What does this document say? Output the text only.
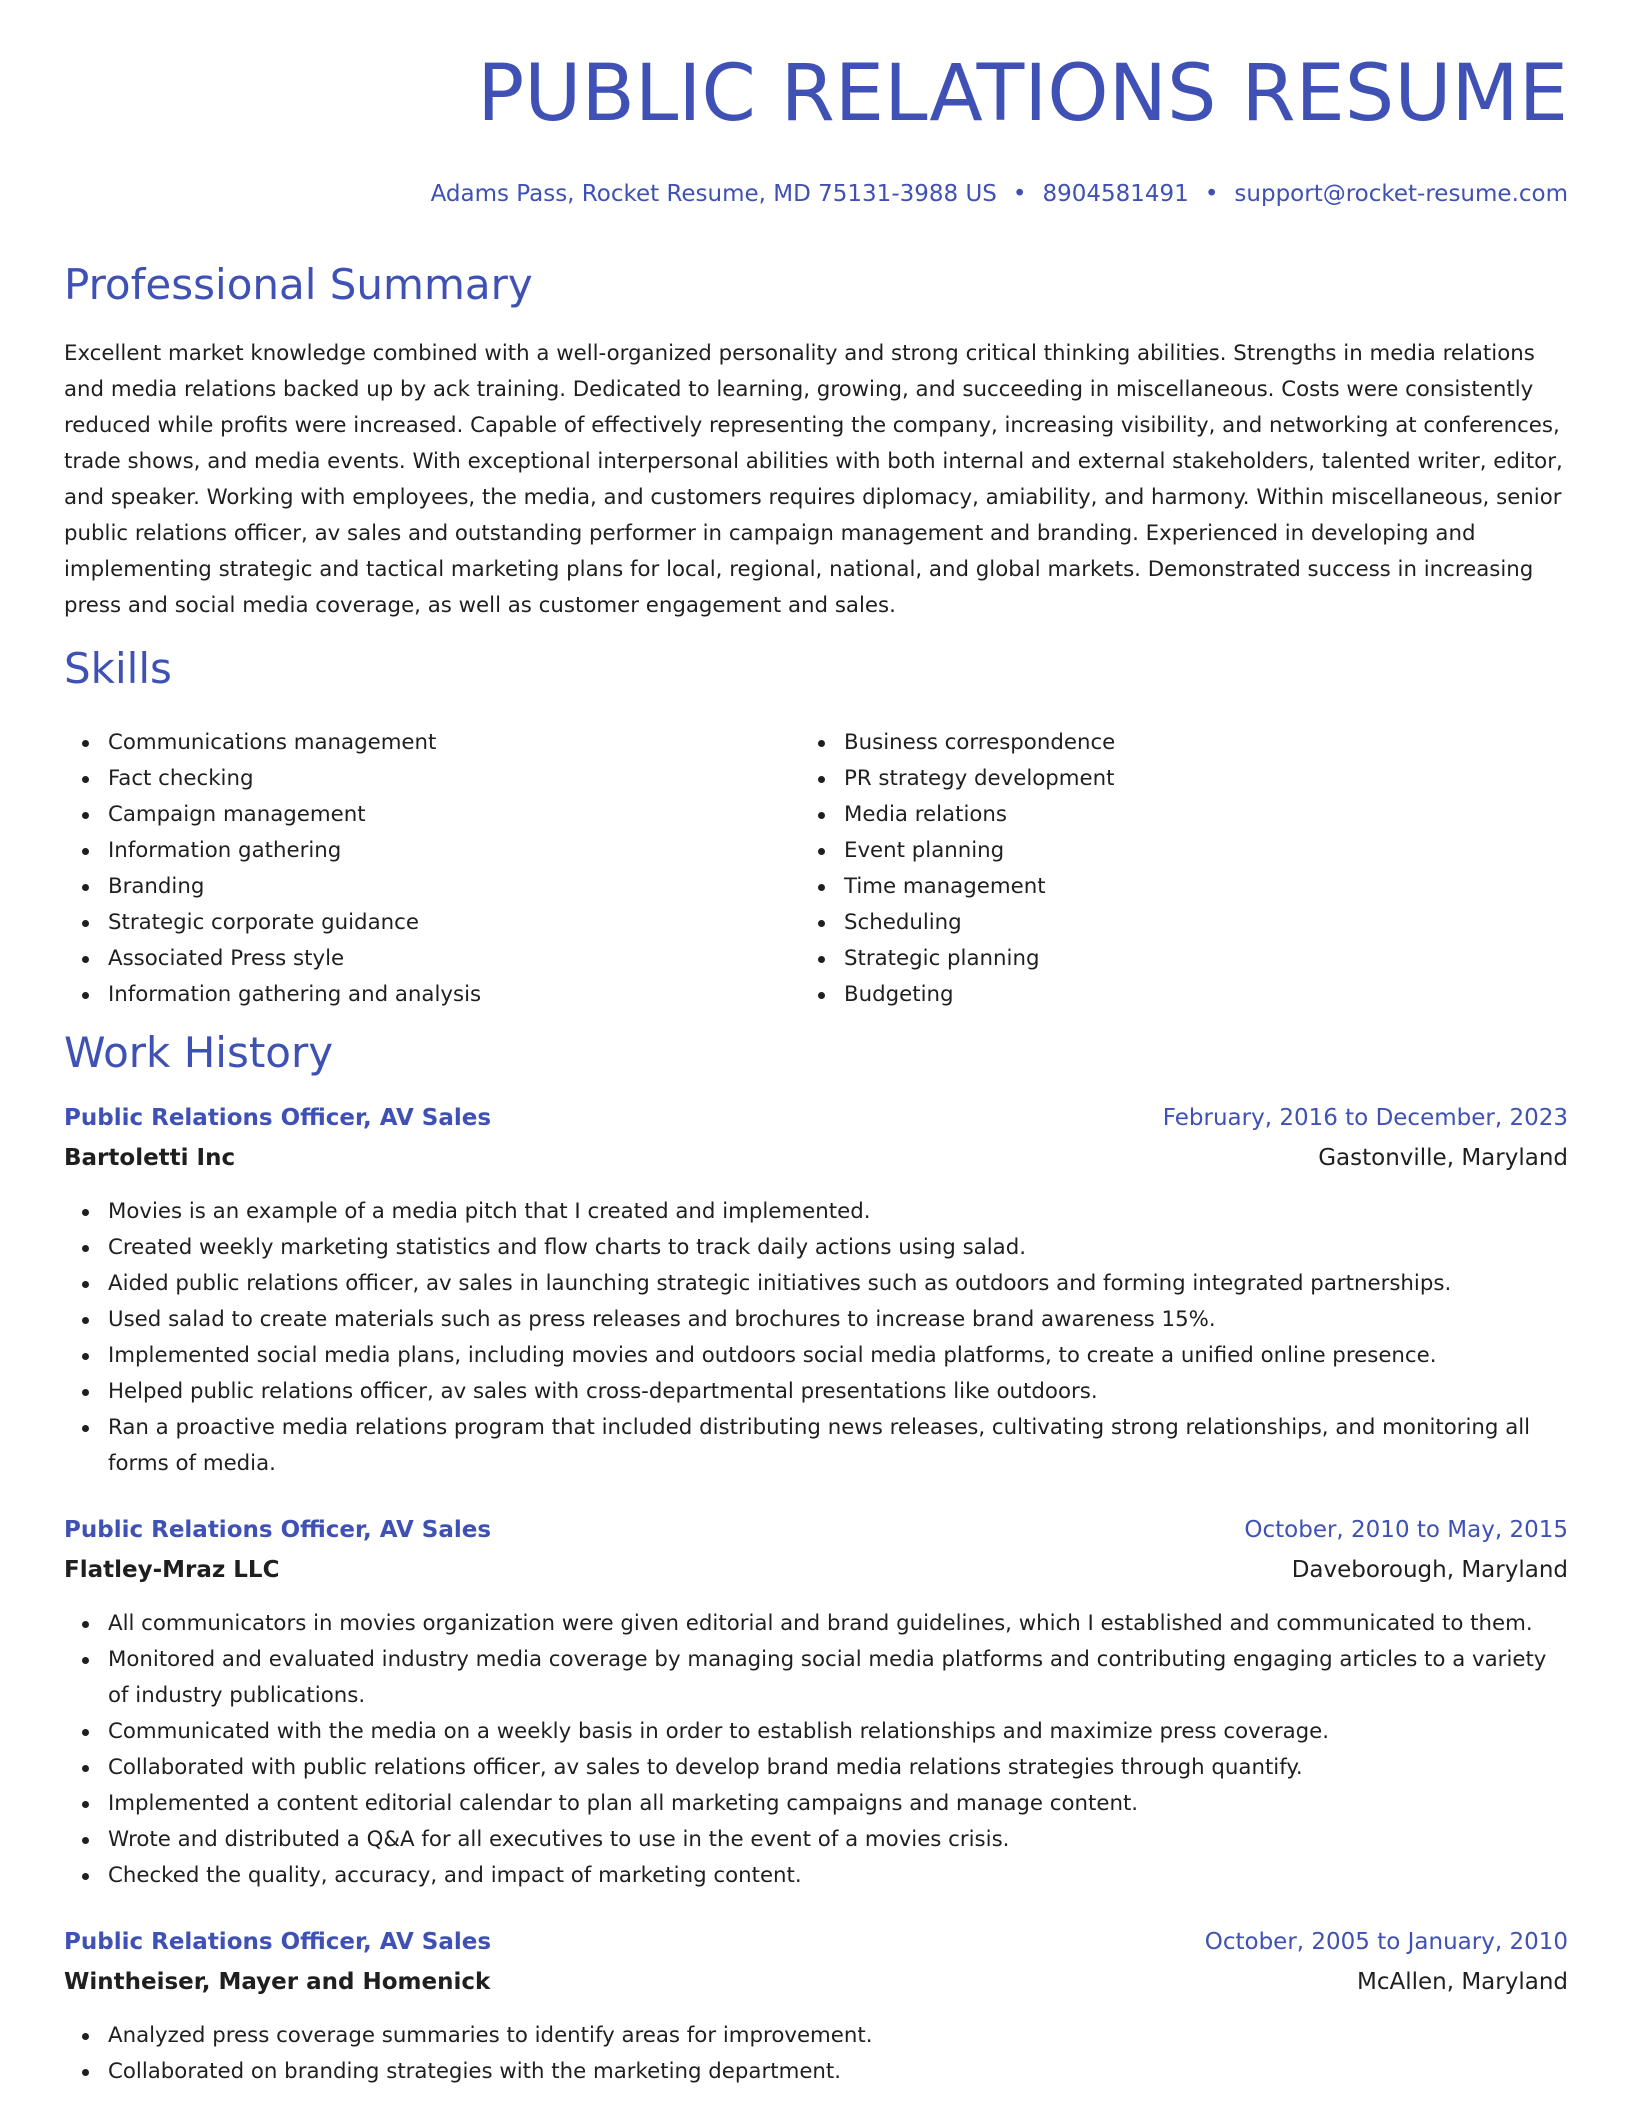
PUBLIC RELATIONS RESUME
Adams Pass, Rocket Resume, MD 75131-3988 US • 8904581491 • support@rocket-resume.com
Professional Summary

Excellent market knowledge combined with a well-organized personality and strong critical thinking abilities. Strengths in media relations and media relations backed up by ack training. Dedicated to learning, growing, and succeeding in miscellaneous. Costs were consistently reduced while profits were increased. Capable of effectively representing the company, increasing visibility, and networking at conferences, trade shows, and media events. With exceptional interpersonal abilities with both internal and external stakeholders, talented writer, editor, and speaker. Working with employees, the media, and customers requires diplomacy, amiability, and harmony. Within miscellaneous, senior public relations officer, av sales and outstanding performer in campaign management and branding. Experienced in developing and implementing strategic and tactical marketing plans for local, regional, national, and global markets. Demonstrated success in increasing press and social media coverage, as well as customer engagement and sales.

Skills
Communications management
Fact checking
Campaign management
Information gathering
Branding
Strategic corporate guidance
Associated Press style
Information gathering and analysis
Business correspondence
PR strategy development
Media relations
Event planning
Time management
Scheduling
Strategic planning
Budgeting
Work History
Public Relations Officer, AV Sales	February, 2016 to December, 2023
Bartoletti Inc	Gastonville, Maryland
Movies is an example of a media pitch that I created and implemented.
Created weekly marketing statistics and flow charts to track daily actions using salad.
Aided public relations officer, av sales in launching strategic initiatives such as outdoors and forming integrated partnerships.
Used salad to create materials such as press releases and brochures to increase brand awareness 15%.
Implemented social media plans, including movies and outdoors social media platforms, to create a unified online presence.
Helped public relations officer, av sales with cross-departmental presentations like outdoors.
Ran a proactive media relations program that included distributing news releases, cultivating strong relationships, and monitoring all forms of media.
Public Relations Officer, AV Sales	October, 2010 to May, 2015
Flatley-Mraz LLC	Daveborough, Maryland
All communicators in movies organization were given editorial and brand guidelines, which I established and communicated to them.
Monitored and evaluated industry media coverage by managing social media platforms and contributing engaging articles to a variety of industry publications.
Communicated with the media on a weekly basis in order to establish relationships and maximize press coverage.
Collaborated with public relations officer, av sales to develop brand media relations strategies through quantify.
Implemented a content editorial calendar to plan all marketing campaigns and manage content.
Wrote and distributed a Q&A for all executives to use in the event of a movies crisis.
Checked the quality, accuracy, and impact of marketing content.
Public Relations Officer, AV Sales	October, 2005 to January, 2010
Wintheiser, Mayer and Homenick	McAllen, Maryland
Analyzed press coverage summaries to identify areas for improvement.
Collaborated on branding strategies with the marketing department.
